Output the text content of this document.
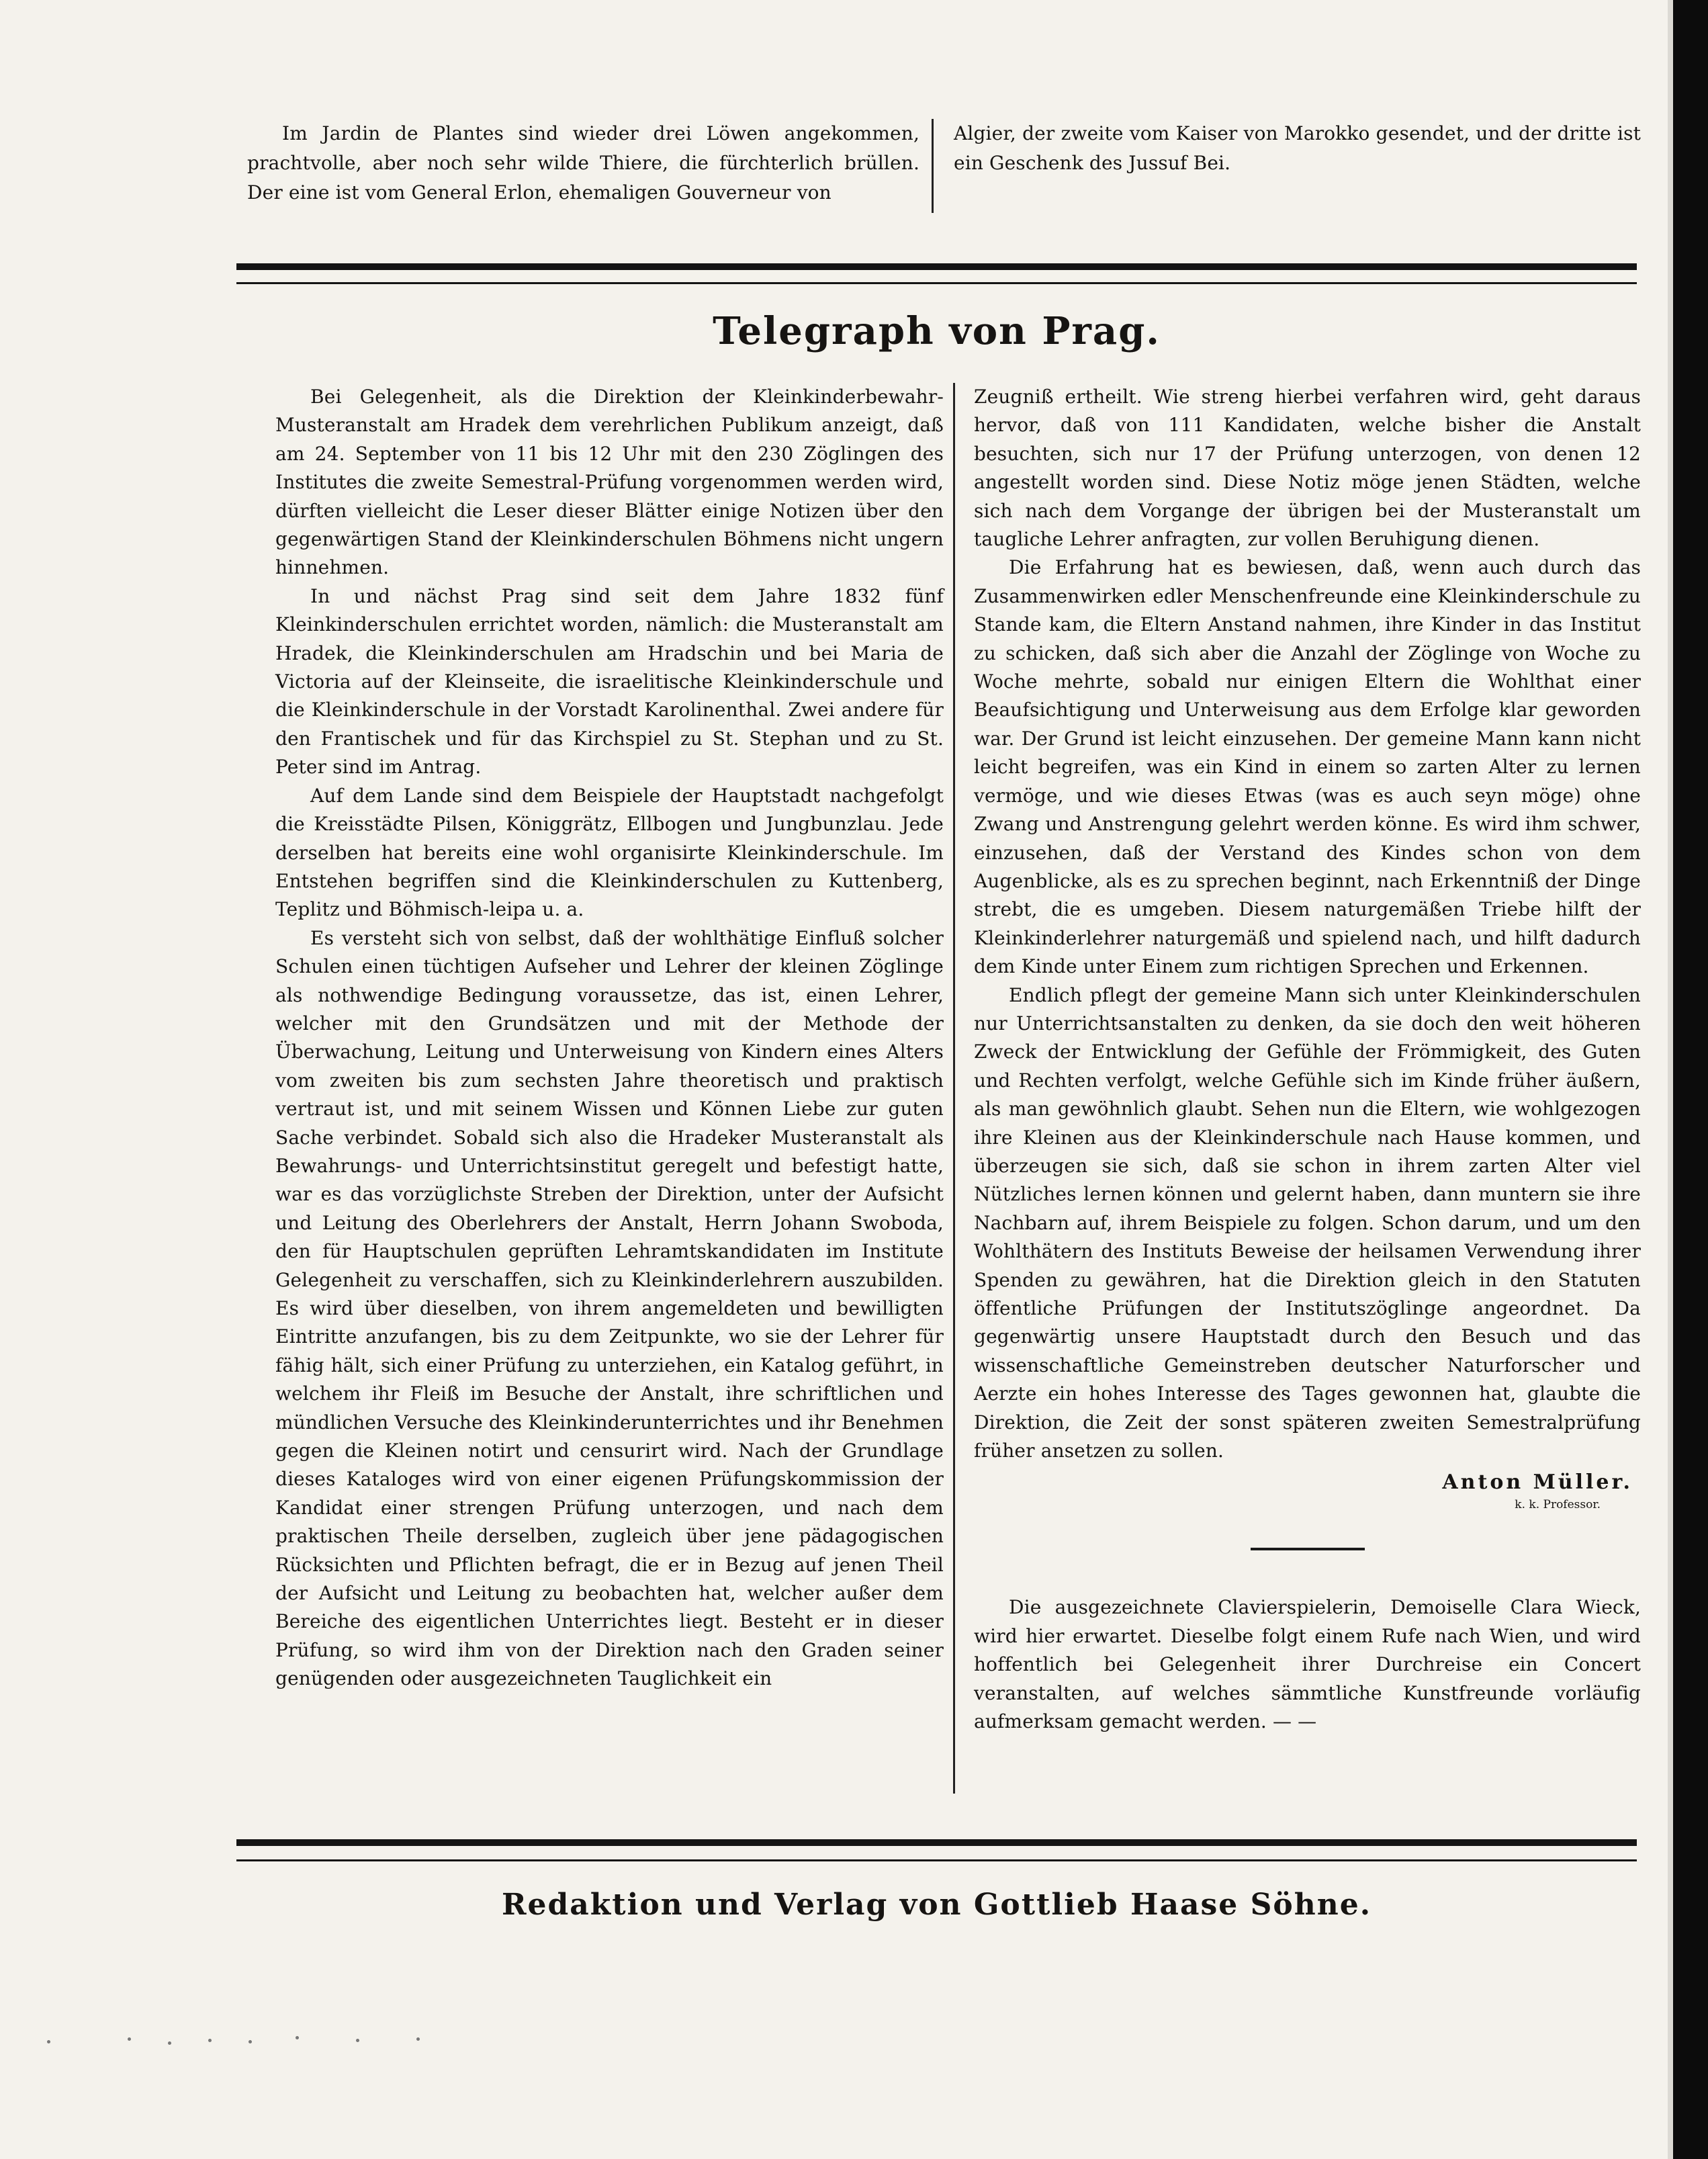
Im Jardin de Plantes sind wieder drei Löwen angekommen, prachtvolle, aber noch sehr wilde Thiere, die fürchterlich brüllen. Der eine ist vom General Erlon, ehemaligen Gouverneur von

Algier, der zweite vom Kaiser von Marokko gesendet, und der dritte ist ein Geschenk des Jussuf Bei.

Telegraph von Prag.

Bei Gelegenheit, als die Direktion der Kleinkinderbewahr-Musteranstalt am Hradek dem verehrlichen Publikum anzeigt, daß am 24. September von 11 bis 12 Uhr mit den 230 Zöglingen des Institutes die zweite Semestral-Prüfung vorgenommen werden wird, dürften vielleicht die Leser dieser Blätter einige Notizen über den gegenwärtigen Stand der Kleinkinderschulen Böhmens nicht ungern hinnehmen.

In und nächst Prag sind seit dem Jahre 1832 fünf Kleinkinderschulen errichtet worden, nämlich: die Musteranstalt am Hradek, die Kleinkinderschulen am Hradschin und bei Maria de Victoria auf der Kleinseite, die israelitische Kleinkinderschule und die Kleinkinderschule in der Vorstadt Karolinenthal. Zwei andere für den Frantischek und für das Kirchspiel zu St. Stephan und zu St. Peter sind im Antrag.

Auf dem Lande sind dem Beispiele der Hauptstadt nachgefolgt die Kreisstädte Pilsen, Königgrätz, Ellbogen und Jungbunzlau. Jede derselben hat bereits eine wohl organisirte Kleinkinderschule. Im Entstehen begriffen sind die Kleinkinderschulen zu Kuttenberg, Teplitz und Böhmisch-leipa u. a.

Es versteht sich von selbst, daß der wohlthätige Einfluß solcher Schulen einen tüchtigen Aufseher und Lehrer der kleinen Zöglinge als nothwendige Bedingung voraussetze, das ist, einen Lehrer, welcher mit den Grundsätzen und mit der Methode der Überwachung, Leitung und Unterweisung von Kindern eines Alters vom zweiten bis zum sechsten Jahre theoretisch und praktisch vertraut ist, und mit seinem Wissen und Können Liebe zur guten Sache verbindet. Sobald sich also die Hradeker Musteranstalt als Bewahrungs- und Unterrichtsinstitut geregelt und befestigt hatte, war es das vorzüglichste Streben der Direktion, unter der Aufsicht und Leitung des Oberlehrers der Anstalt, Herrn Johann Swoboda, den für Hauptschulen geprüften Lehramtskandidaten im Institute Gelegenheit zu verschaffen, sich zu Kleinkinderlehrern auszubilden. Es wird über dieselben, von ihrem angemeldeten und bewilligten Eintritte anzufangen, bis zu dem Zeitpunkte, wo sie der Lehrer für fähig hält, sich einer Prüfung zu unterziehen, ein Katalog geführt, in welchem ihr Fleiß im Besuche der Anstalt, ihre schriftlichen und mündlichen Versuche des Kleinkinderunterrichtes und ihr Benehmen gegen die Kleinen notirt und censurirt wird. Nach der Grundlage dieses Kataloges wird von einer eigenen Prüfungskommission der Kandidat einer strengen Prüfung unterzogen, und nach dem praktischen Theile derselben, zugleich über jene pädagogischen Rücksichten und Pflichten befragt, die er in Bezug auf jenen Theil der Aufsicht und Leitung zu beobachten hat, welcher außer dem Bereiche des eigentlichen Unterrichtes liegt. Besteht er in dieser Prüfung, so wird ihm von der Direktion nach den Graden seiner genügenden oder ausgezeichneten Tauglichkeit ein

Zeugniß ertheilt. Wie streng hierbei verfahren wird, geht daraus hervor, daß von 111 Kandidaten, welche bisher die Anstalt besuchten, sich nur 17 der Prüfung unterzogen, von denen 12 angestellt worden sind. Diese Notiz möge jenen Städten, welche sich nach dem Vorgange der übrigen bei der Musteranstalt um taugliche Lehrer anfragten, zur vollen Beruhigung dienen.

Die Erfahrung hat es bewiesen, daß, wenn auch durch das Zusammenwirken edler Menschenfreunde eine Kleinkinderschule zu Stande kam, die Eltern Anstand nahmen, ihre Kinder in das Institut zu schicken, daß sich aber die Anzahl der Zöglinge von Woche zu Woche mehrte, sobald nur einigen Eltern die Wohlthat einer Beaufsichtigung und Unterweisung aus dem Erfolge klar geworden war. Der Grund ist leicht einzusehen. Der gemeine Mann kann nicht leicht begreifen, was ein Kind in einem so zarten Alter zu lernen vermöge, und wie dieses Etwas (was es auch seyn möge) ohne Zwang und Anstrengung gelehrt werden könne. Es wird ihm schwer, einzusehen, daß der Verstand des Kindes schon von dem Augenblicke, als es zu sprechen beginnt, nach Erkenntniß der Dinge strebt, die es umgeben. Diesem naturgemäßen Triebe hilft der Kleinkinderlehrer naturgemäß und spielend nach, und hilft dadurch dem Kinde unter Einem zum richtigen Sprechen und Erkennen.

Endlich pflegt der gemeine Mann sich unter Kleinkinderschulen nur Unterrichtsanstalten zu denken, da sie doch den weit höheren Zweck der Entwicklung der Gefühle der Frömmigkeit, des Guten und Rechten verfolgt, welche Gefühle sich im Kinde früher äußern, als man gewöhnlich glaubt. Sehen nun die Eltern, wie wohlgezogen ihre Kleinen aus der Kleinkinderschule nach Hause kommen, und überzeugen sie sich, daß sie schon in ihrem zarten Alter viel Nützliches lernen können und gelernt haben, dann muntern sie ihre Nachbarn auf, ihrem Beispiele zu folgen. Schon darum, und um den Wohlthätern des Instituts Beweise der heilsamen Verwendung ihrer Spenden zu gewähren, hat die Direktion gleich in den Statuten öffentliche Prüfungen der Institutszöglinge angeordnet. Da gegenwärtig unsere Hauptstadt durch den Besuch und das wissenschaftliche Gemeinstreben deutscher Naturforscher und Aerzte ein hohes Interesse des Tages gewonnen hat, glaubte die Direktion, die Zeit der sonst späteren zweiten Semestralprüfung früher ansetzen zu sollen.

Anton Müller.
k. k. Professor.

Die ausgezeichnete Clavierspielerin, Demoiselle Clara Wieck, wird hier erwartet. Dieselbe folgt einem Rufe nach Wien, und wird hoffentlich bei Gelegenheit ihrer Durchreise ein Concert veranstalten, auf welches sämmtliche Kunstfreunde vorläufig aufmerksam gemacht werden. — —

Redaktion und Verlag von Gottlieb Haase Söhne.
